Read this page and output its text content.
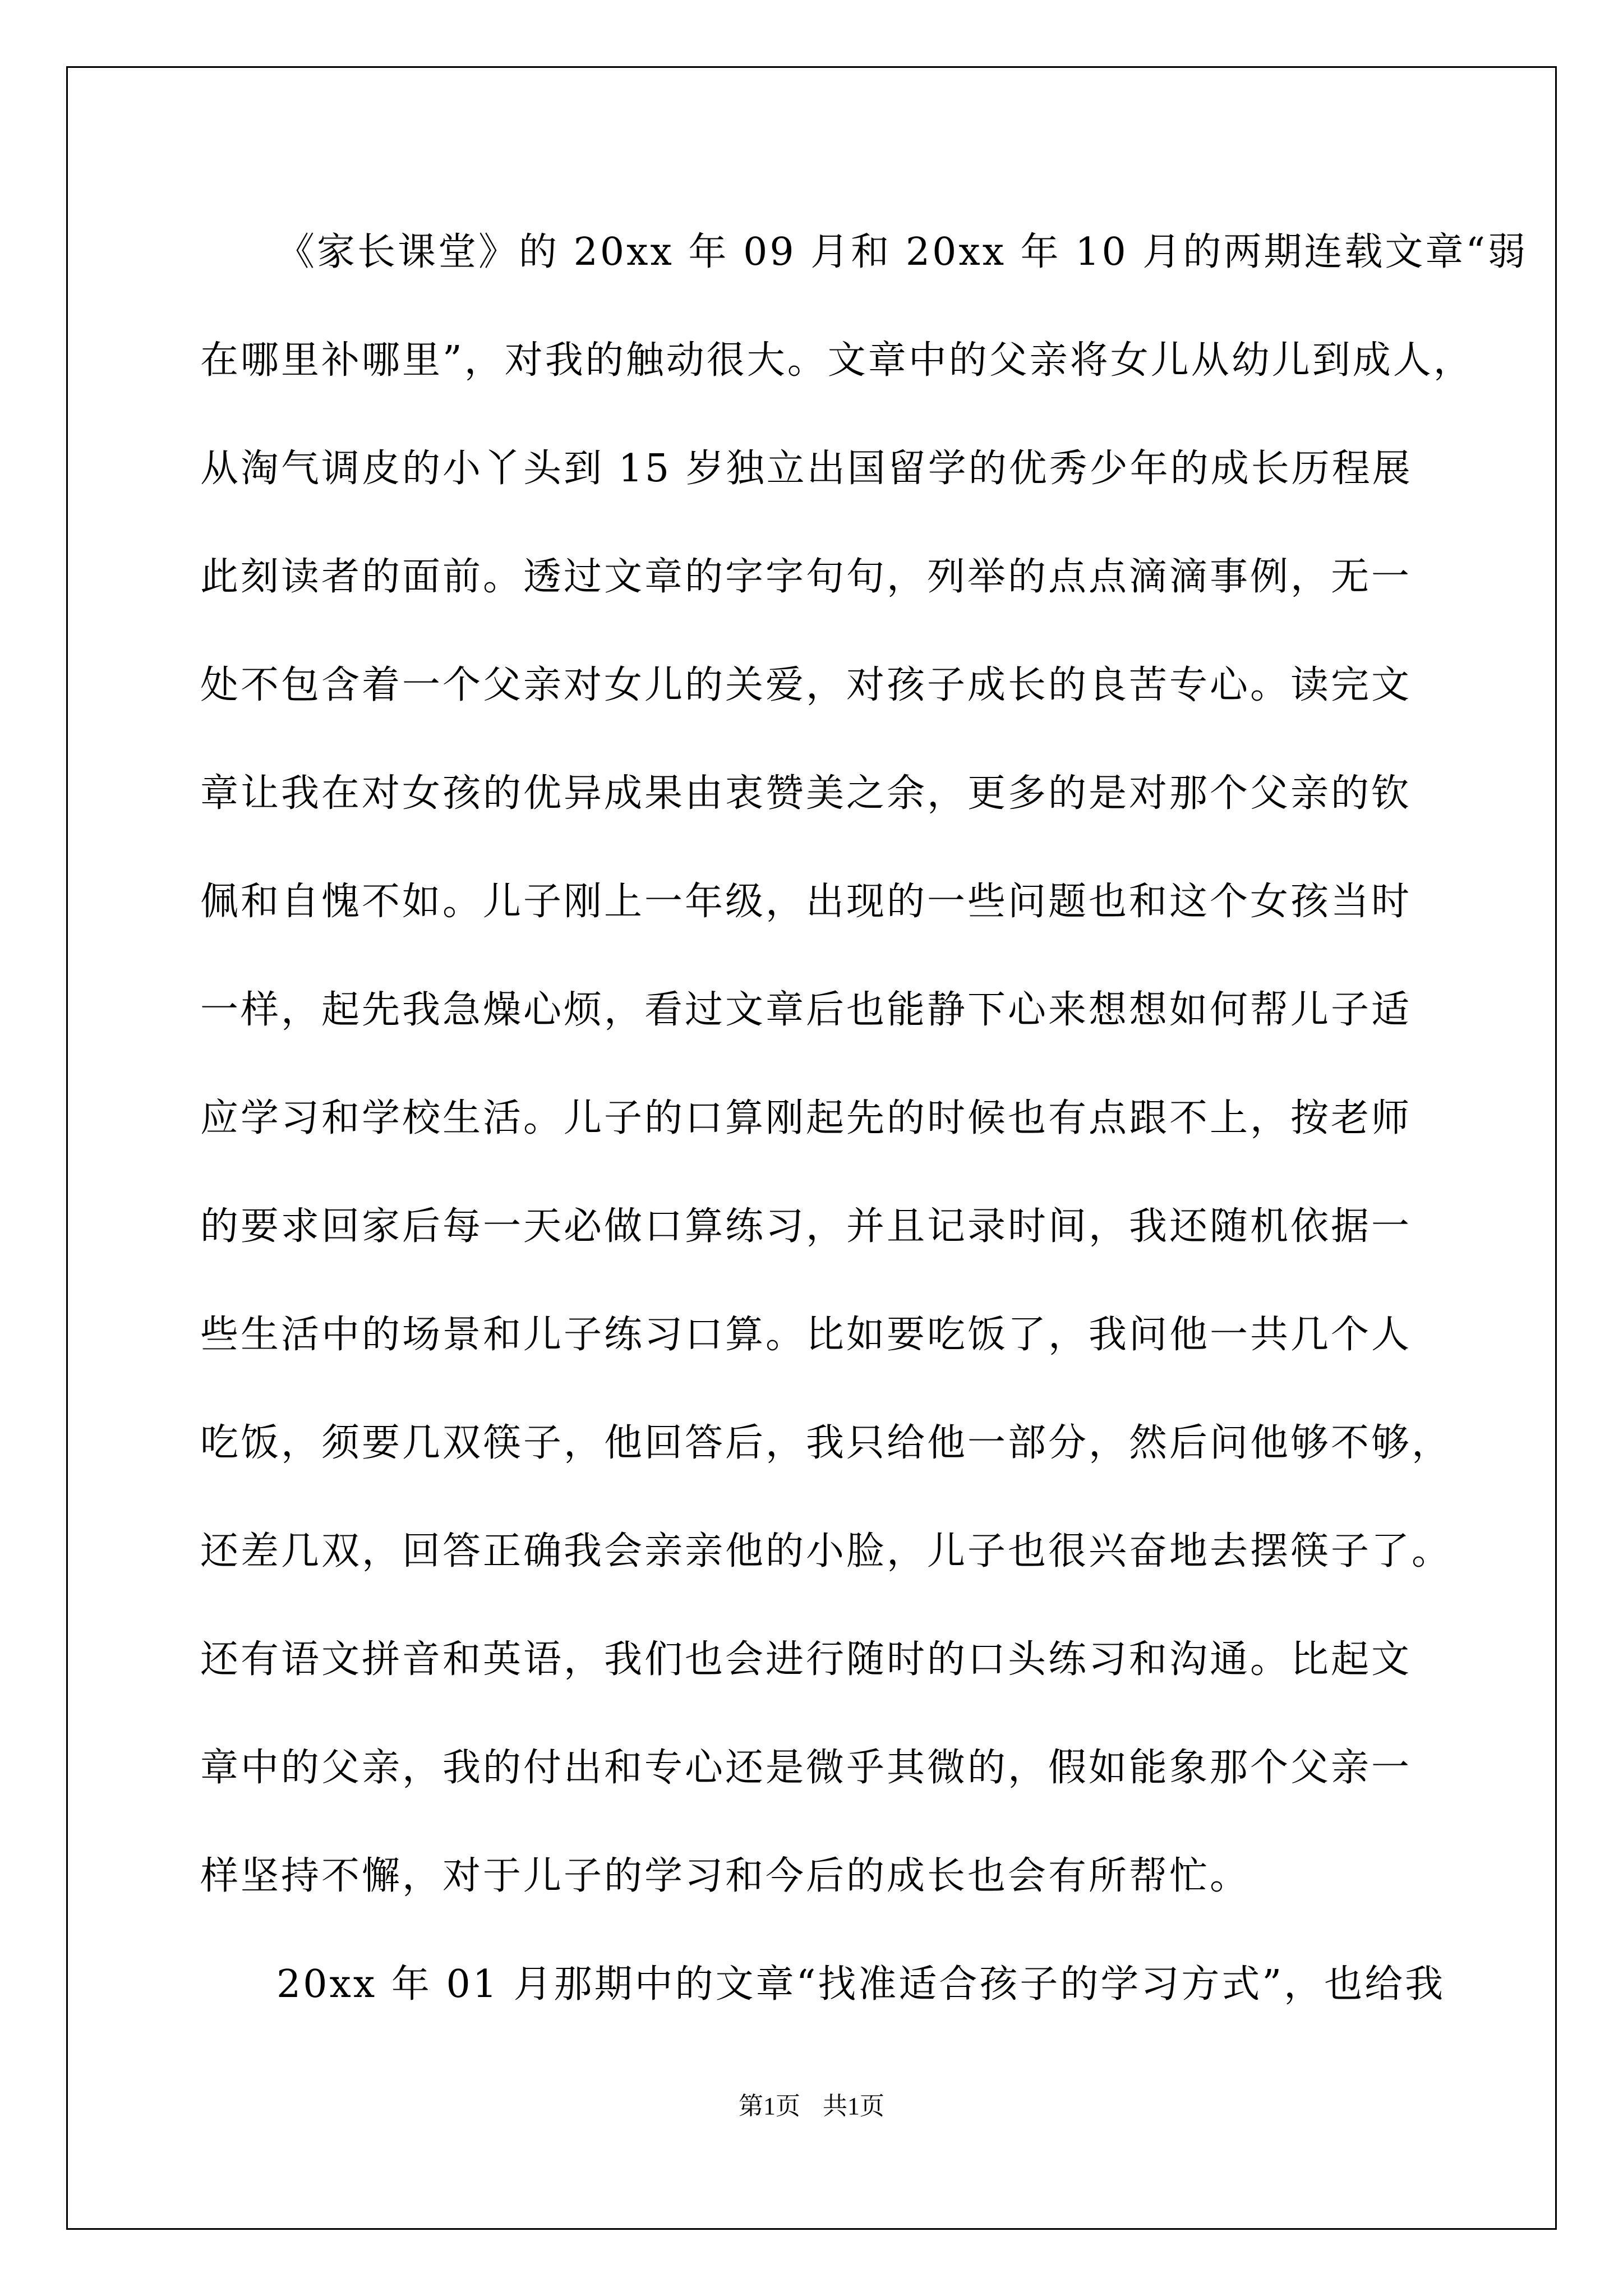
《家长课堂》的 20xx 年 09 月和 20xx 年 10 月的两期连载文章“弱
在哪里补哪里”，对我的触动很大。文章中的父亲将女儿从幼儿到成人，
从淘气调皮的小丫头到 15 岁独立出国留学的优秀少年的成长历程展
此刻读者的面前。透过文章的字字句句，列举的点点滴滴事例，无一
处不包含着一个父亲对女儿的关爱，对孩子成长的良苦专心。读完文
章让我在对女孩的优异成果由衷赞美之余，更多的是对那个父亲的钦
佩和自愧不如。儿子刚上一年级，出现的一些问题也和这个女孩当时
一样，起先我急燥心烦，看过文章后也能静下心来想想如何帮儿子适
应学习和学校生活。儿子的口算刚起先的时候也有点跟不上，按老师
的要求回家后每一天必做口算练习，并且记录时间，我还随机依据一
些生活中的场景和儿子练习口算。比如要吃饭了，我问他一共几个人
吃饭，须要几双筷子，他回答后，我只给他一部分，然后问他够不够，
还差几双，回答正确我会亲亲他的小脸，儿子也很兴奋地去摆筷子了。
还有语文拼音和英语，我们也会进行随时的口头练习和沟通。比起文
章中的父亲，我的付出和专心还是微乎其微的，假如能象那个父亲一
样坚持不懈，对于儿子的学习和今后的成长也会有所帮忙。
20xx 年 01 月那期中的文章“找准适合孩子的学习方式”，也给我
第1页 共1页
